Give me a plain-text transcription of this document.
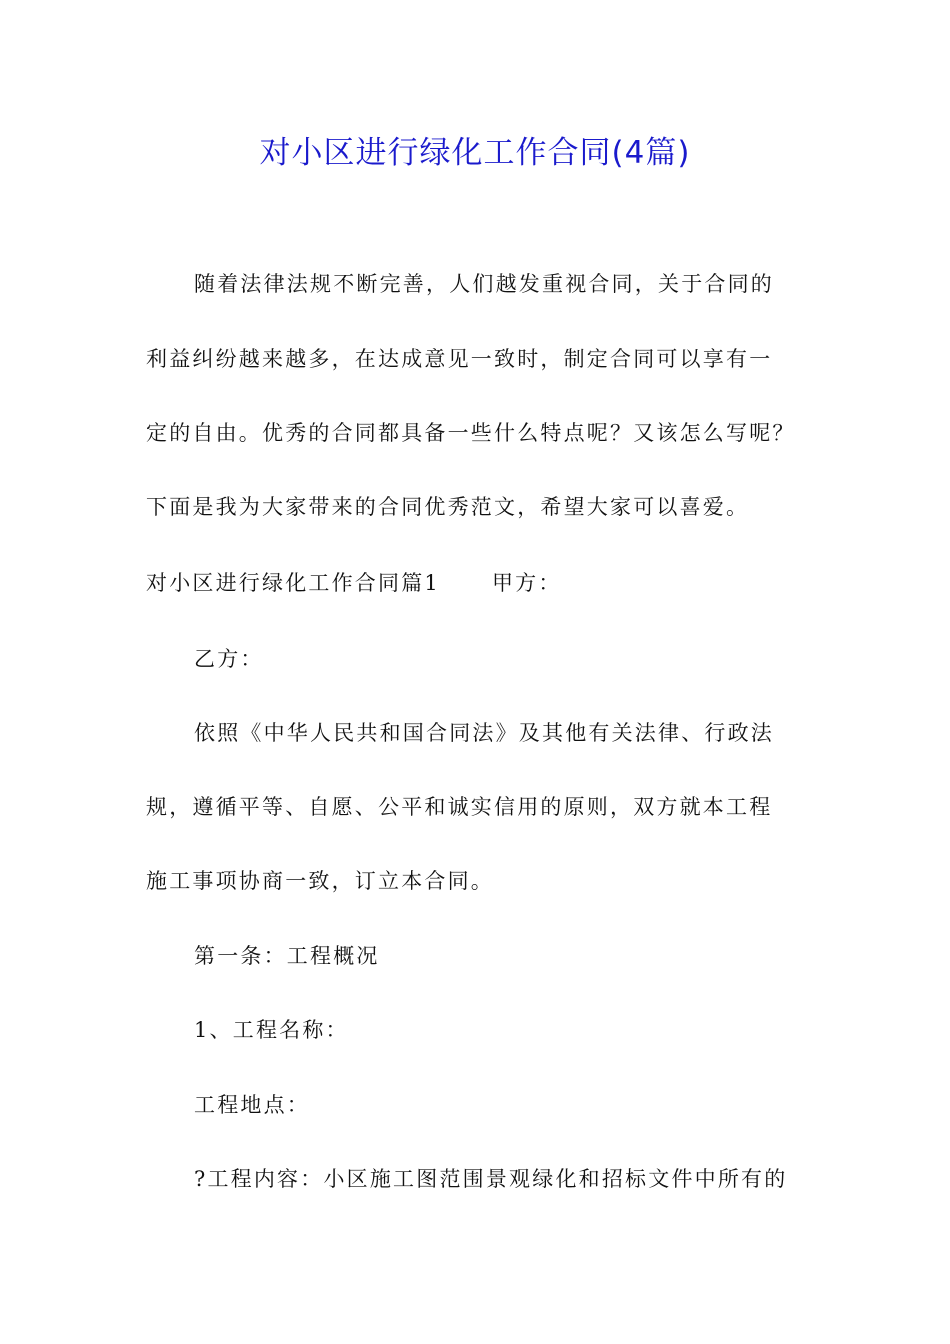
对小区进行绿化工作合同(4篇)

随着法律法规不断完善，人们越发重视合同，关于合同的

利益纠纷越来越多，在达成意见一致时，制定合同可以享有一

定的自由。优秀的合同都具备一些什么特点呢？又该怎么写呢？

下面是我为大家带来的合同优秀范文，希望大家可以喜爱。

对小区进行绿化工作合同篇1 甲方：

乙方：

依照《中华人民共和国合同法》及其他有关法律、行政法

规，遵循平等、自愿、公平和诚实信用的原则，双方就本工程

施工事项协商一致，订立本合同。

第一条：工程概况

1、工程名称：

工程地点：

?工程内容：小区施工图范围景观绿化和招标文件中所有的
